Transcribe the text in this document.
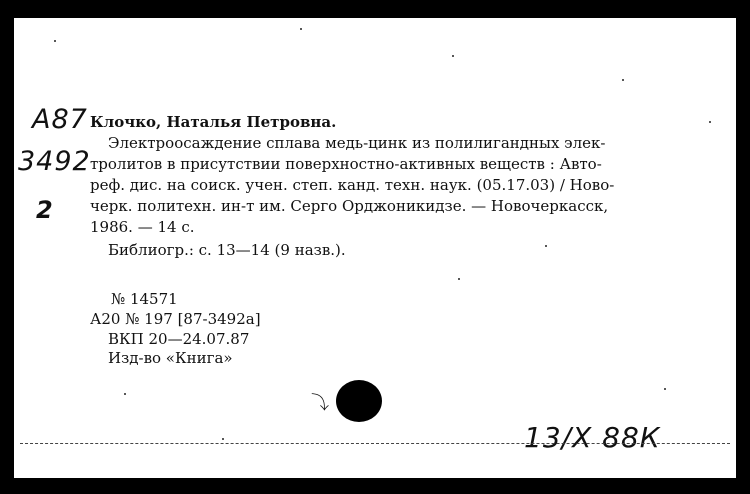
А87
3492
2
Клочко, Наталья Петровна.
Электроосаждение сплава медь-цинк из полилигандных элек-
тролитов в присутствии поверхностно-активных веществ : Авто-
реф. дис. на соиск. учен. степ. канд. техн. наук. (05.17.03) / Ново-
черк. политехн. ин-т им. Серго Орджоникидзе. — Новочеркасск,
1986. — 14 с.
Библиогр.: с. 13—14 (9 назв.).
№ 14571
А20 № 197 [87-3492а]
ВКП 20—24.07.87
Изд-во «Книга»
⤵
13/X 88К
